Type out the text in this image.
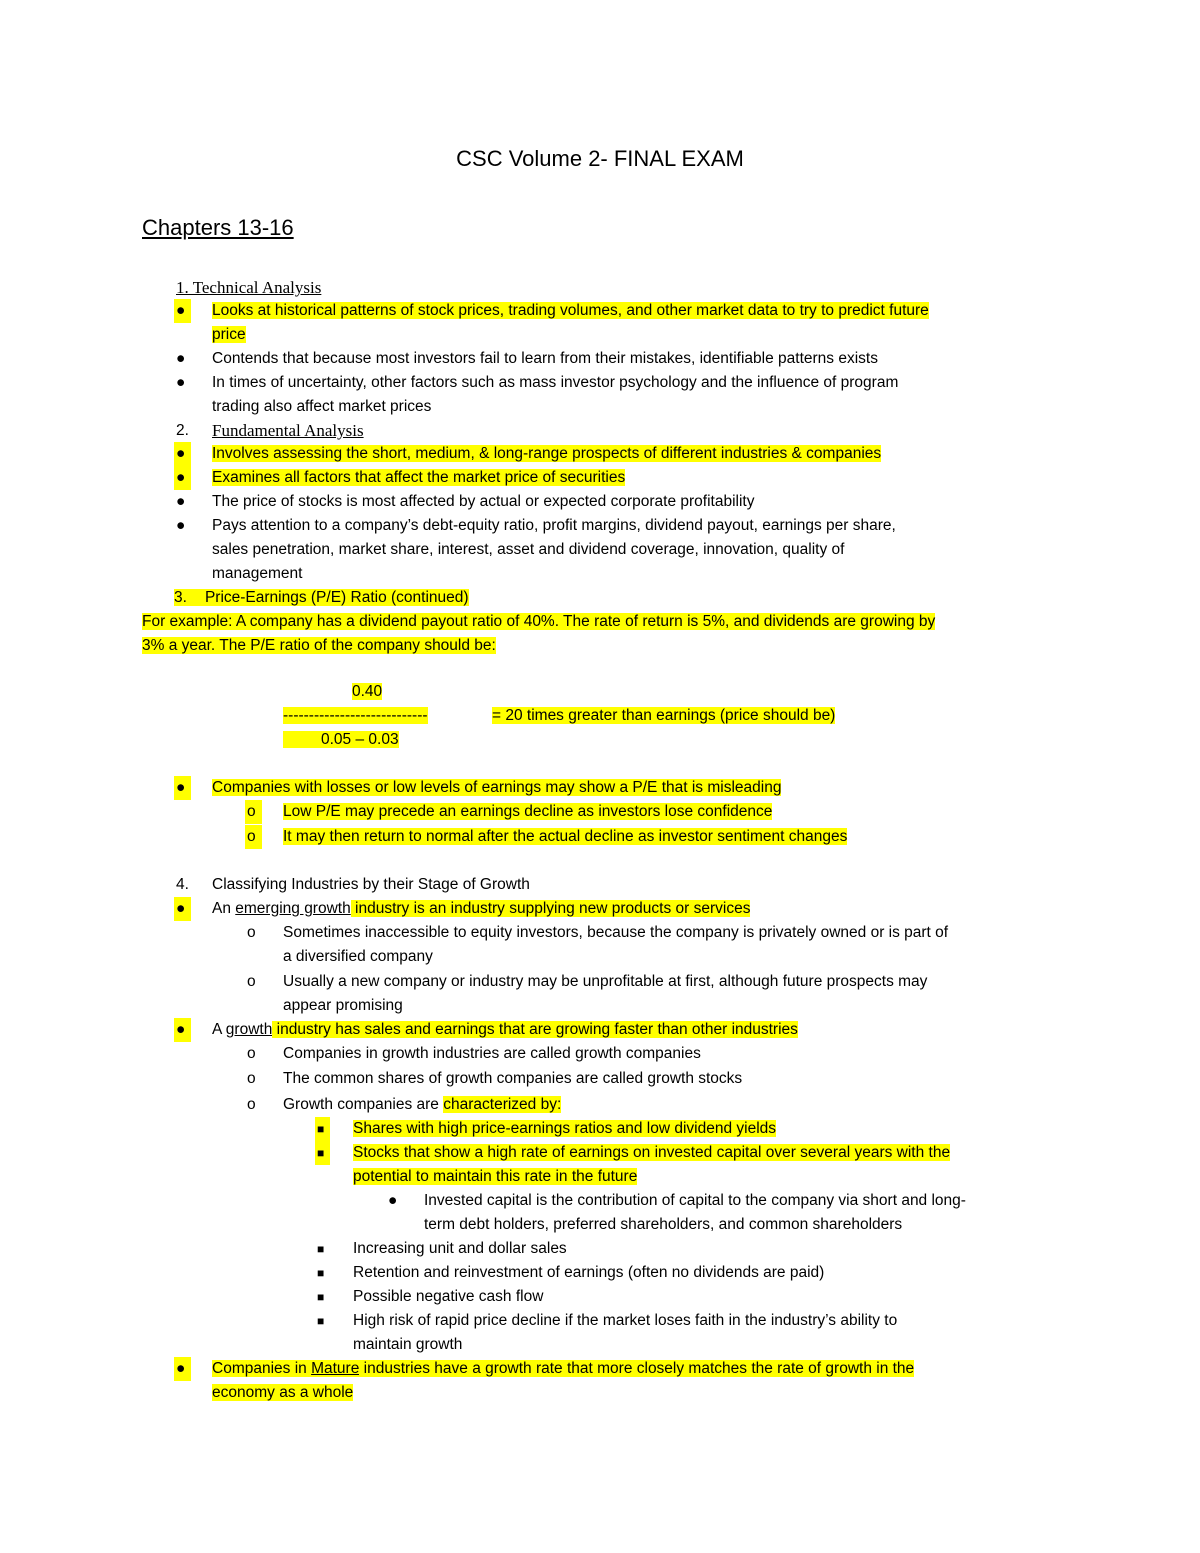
CSC Volume 2- FINAL EXAM
Chapters 13-16
1. Technical Analysis
●	Looks at historical patterns of stock prices, trading volumes, and other market data to try to predict future
price
● Contends that because most investors fail to learn from their mistakes, identifiable patterns exists
● In times of uncertainty, other factors such as mass investor psychology and the influence of program
trading also affect market prices
2. Fundamental Analysis
●	Involves assessing the short, medium, & long-range prospects of different industries & companies
●	Examines all factors that affect the market price of securities
● The price of stocks is most affected by actual or expected corporate profitability
● Pays attention to a company’s debt-equity ratio, profit margins, dividend payout, earnings per share,
sales penetration, market share, interest, asset and dividend coverage, innovation, quality of
management
3. Price-Earnings (P/E) Ratio (continued)
For example: A company has a dividend payout ratio of 40%. The rate of return is 5%, and dividends are growing by
3% a year. The P/E ratio of the company should be:
0.40
----------------------------	= 20 times greater than earnings (price should be)
0.05 – 0.03
●	Companies with losses or low levels of earnings may show a P/E that is misleading
o	Low P/E may precede an earnings decline as investors lose confidence
o	It may then return to normal after the actual decline as investor sentiment changes
4. Classifying Industries by their Stage of Growth
●	An emerging growth industry is an industry supplying new products or services
o Sometimes inaccessible to equity investors, because the company is privately owned or is part of
a diversified company
o Usually a new company or industry may be unprofitable at first, although future prospects may
appear promising
●	A growth industry has sales and earnings that are growing faster than other industries
o Companies in growth industries are called growth companies
o The common shares of growth companies are called growth stocks
o Growth companies are characterized by:
■	Shares with high price-earnings ratios and low dividend yields
■	Stocks that show a high rate of earnings on invested capital over several years with the
potential to maintain this rate in the future
● Invested capital is the contribution of capital to the company via short and long-
term debt holders, preferred shareholders, and common shareholders
■ Increasing unit and dollar sales
■ Retention and reinvestment of earnings (often no dividends are paid)
■ Possible negative cash flow
■ High risk of rapid price decline if the market loses faith in the industry’s ability to
maintain growth
●	Companies in Mature industries have a growth rate that more closely matches the rate of growth in the
economy as a whole
